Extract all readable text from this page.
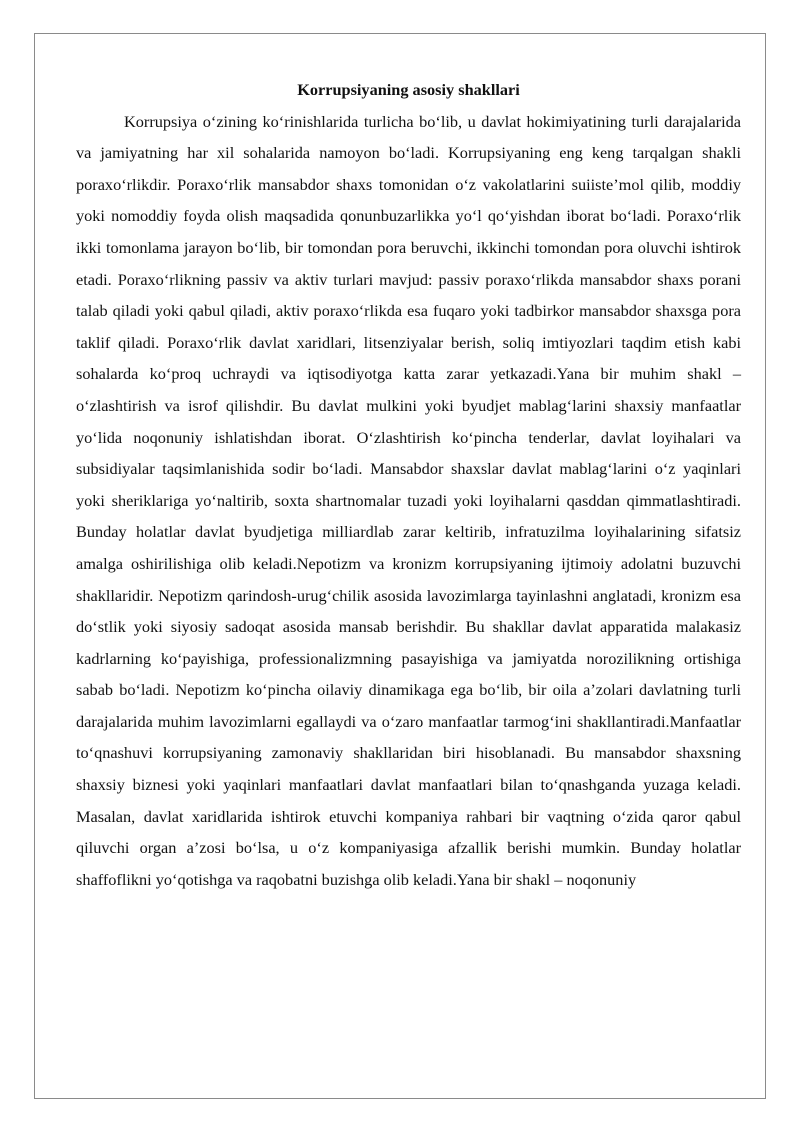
Korrupsiyaning asosiy shakllari

Korrupsiya o‘zining ko‘rinishlarida turlicha bo‘lib, u davlat hokimiyatining turli darajalarida va jamiyatning har xil sohalarida namoyon bo‘ladi. Korrupsiyaning eng keng tarqalgan shakli poraxo‘rlikdir. Poraxo‘rlik mansabdor shaxs tomonidan o‘z vakolatlarini suiiste’mol qilib, moddiy yoki nomoddiy foyda olish maqsadida qonunbuzarlikka yo‘l qo‘yishdan iborat bo‘ladi. Poraxo‘rlik ikki tomonlama jarayon bo‘lib, bir tomondan pora beruvchi, ikkinchi tomondan pora oluvchi ishtirok etadi. Poraxo‘rlikning passiv va aktiv turlari mavjud: passiv poraxo‘rlikda mansabdor shaxs porani talab qiladi yoki qabul qiladi, aktiv poraxo‘rlikda esa fuqaro yoki tadbirkor mansabdor shaxsga pora taklif qiladi. Poraxo‘rlik davlat xaridlari, litsenziyalar berish, soliq imtiyozlari taqdim etish kabi sohalarda ko‘proq uchraydi va iqtisodiyotga katta zarar yetkazadi.Yana bir muhim shakl – o‘zlashtirish va isrof qilishdir. Bu davlat mulkini yoki byudjet mablag‘larini shaxsiy manfaatlar yo‘lida noqonuniy ishlatishdan iborat. O‘zlashtirish ko‘pincha tenderlar, davlat loyihalari va subsidiyalar taqsimlanishida sodir bo‘ladi. Mansabdor shaxslar davlat mablag‘larini o‘z yaqinlari yoki sheriklariga yo‘naltirib, soxta shartnomalar tuzadi yoki loyihalarni qasddan qimmatlashtiradi. Bunday holatlar davlat byudjetiga milliardlab zarar keltirib, infratuzilma loyihalarining sifatsiz amalga oshirilishiga olib keladi.Nepotizm va kronizm korrupsiyaning ijtimoiy adolatni buzuvchi shakllaridir. Nepotizm qarindosh-urug‘chilik asosida lavozimlarga tayinlashni anglatadi, kronizm esa do‘stlik yoki siyosiy sadoqat asosida mansab berishdir. Bu shakllar davlat apparatida malakasiz kadrlarning ko‘payishiga, professionalizmning pasayishiga va jamiyatda norozilikning ortishiga sabab bo‘ladi. Nepotizm ko‘pincha oilaviy dinamikaga ega bo‘lib, bir oila a’zolari davlatning turli darajalarida muhim lavozimlarni egallaydi va o‘zaro manfaatlar tarmog‘ini shakllantiradi.Manfaatlar to‘qnashuvi korrupsiyaning zamonaviy shakllaridan biri hisoblanadi. Bu mansabdor shaxsning shaxsiy biznesi yoki yaqinlari manfaatlari davlat manfaatlari bilan to‘qnashganda yuzaga keladi. Masalan, davlat xaridlarida ishtirok etuvchi kompaniya rahbari bir vaqtning o‘zida qaror qabul qiluvchi organ a’zosi bo‘lsa, u o‘z kompaniyasiga afzallik berishi mumkin. Bunday holatlar shaffoflikni yo‘qotishga va raqobatni buzishga olib keladi.Yana bir shakl – noqonuniy
